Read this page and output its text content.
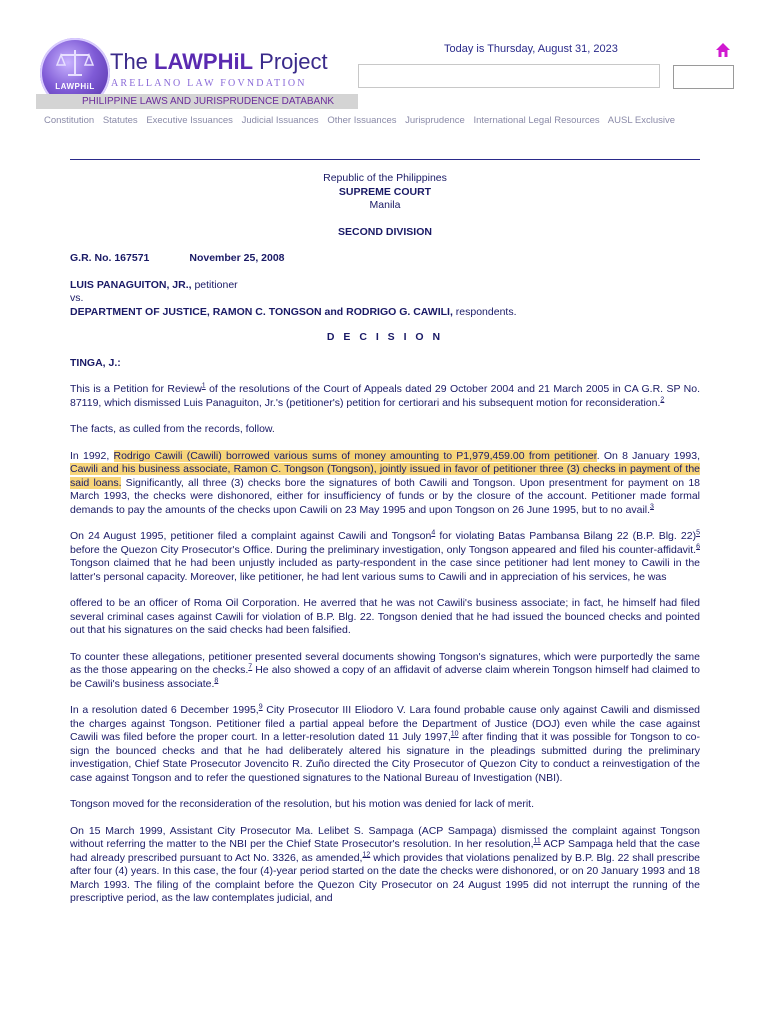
LAWPHiL
The LAWPHiL Project
ARELLANO LAW FOVNDATION
PHILIPPINE LAWS AND JURISPRUDENCE DATABANK
Today is Thursday, August 31, 2023
Constitution Statutes Executive Issuances Judicial Issuances Other Issuances Jurisprudence International Legal Resources AUSL Exclusive
Republic of the Philippines
SUPREME COURT
Manila
SECOND DIVISION
G.R. No. 167571	November 25, 2008
LUIS PANAGUITON, JR., petitioner
vs.
DEPARTMENT OF JUSTICE, RAMON C. TONGSON and RODRIGO G. CAWILI, respondents.
D E C I S I O N
TINGA, J.:

This is a Petition for Review$^1$ of the resolutions of the Court of Appeals dated 29 October 2004 and 21 March 2005 in CA G.R. SP No. 87119, which dismissed Luis Panaguiton, Jr.'s (petitioner's) petition for certiorari and his subsequent motion for reconsideration.$^2$

The facts, as culled from the records, follow.

In 1992, Rodrigo Cawili (Cawili) borrowed various sums of money amounting to P1,979,459.00 from petitioner. On 8 January 1993, Cawili and his business associate, Ramon C. Tongson (Tongson), jointly issued in favor of petitioner three (3) checks in payment of the said loans. Significantly, all three (3) checks bore the signatures of both Cawili and Tongson. Upon presentment for payment on 18 March 1993, the checks were dishonored, either for insufficiency of funds or by the closure of the account. Petitioner made formal demands to pay the amounts of the checks upon Cawili on 23 May 1995 and upon Tongson on 26 June 1995, but to no avail.$^3$

On 24 August 1995, petitioner filed a complaint against Cawili and Tongson$^4$ for violating Batas Pambansa Bilang 22 (B.P. Blg. 22)$^5$ before the Quezon City Prosecutor's Office. During the preliminary investigation, only Tongson appeared and filed his counter-affidavit.$^6$ Tongson claimed that he had been unjustly included as party-respondent in the case since petitioner had lent money to Cawili in the latter's personal capacity. Moreover, like petitioner, he had lent various sums to Cawili and in appreciation of his services, he was

offered to be an officer of Roma Oil Corporation. He averred that he was not Cawili's business associate; in fact, he himself had filed several criminal cases against Cawili for violation of B.P. Blg. 22. Tongson denied that he had issued the bounced checks and pointed out that his signatures on the said checks had been falsified.

To counter these allegations, petitioner presented several documents showing Tongson's signatures, which were purportedly the same as the those appearing on the checks.$^7$ He also showed a copy of an affidavit of adverse claim wherein Tongson himself had claimed to be Cawili's business associate.$^8$

In a resolution dated 6 December 1995,$^9$ City Prosecutor III Eliodoro V. Lara found probable cause only against Cawili and dismissed the charges against Tongson. Petitioner filed a partial appeal before the Department of Justice (DOJ) even while the case against Cawili was filed before the proper court. In a letter-resolution dated 11 July 1997,10 after finding that it was possible for Tongson to co-sign the bounced checks and that he had deliberately altered his signature in the pleadings submitted during the preliminary investigation, Chief State Prosecutor Jovencito R. Zuño directed the City Prosecutor of Quezon City to conduct a reinvestigation of the case against Tongson and to refer the questioned signatures to the National Bureau of Investigation (NBI).

Tongson moved for the reconsideration of the resolution, but his motion was denied for lack of merit.

On 15 March 1999, Assistant City Prosecutor Ma. Lelibet S. Sampaga (ACP Sampaga) dismissed the complaint against Tongson without referring the matter to the NBI per the Chief State Prosecutor's resolution. In her resolution,$^{11}$ ACP Sampaga held that the case had already prescribed pursuant to Act No. 3326, as amended,$^{12}$ which provides that violations penalized by B.P. Blg. 22 shall prescribe after four (4) years. In this case, the four (4)-year period started on the date the checks were dishonored, or on 20 January 1993 and 18 March 1993. The filing of the complaint before the Quezon City Prosecutor on 24 August 1995 did not interrupt the running of the prescriptive period, as the law contemplates judicial, and
